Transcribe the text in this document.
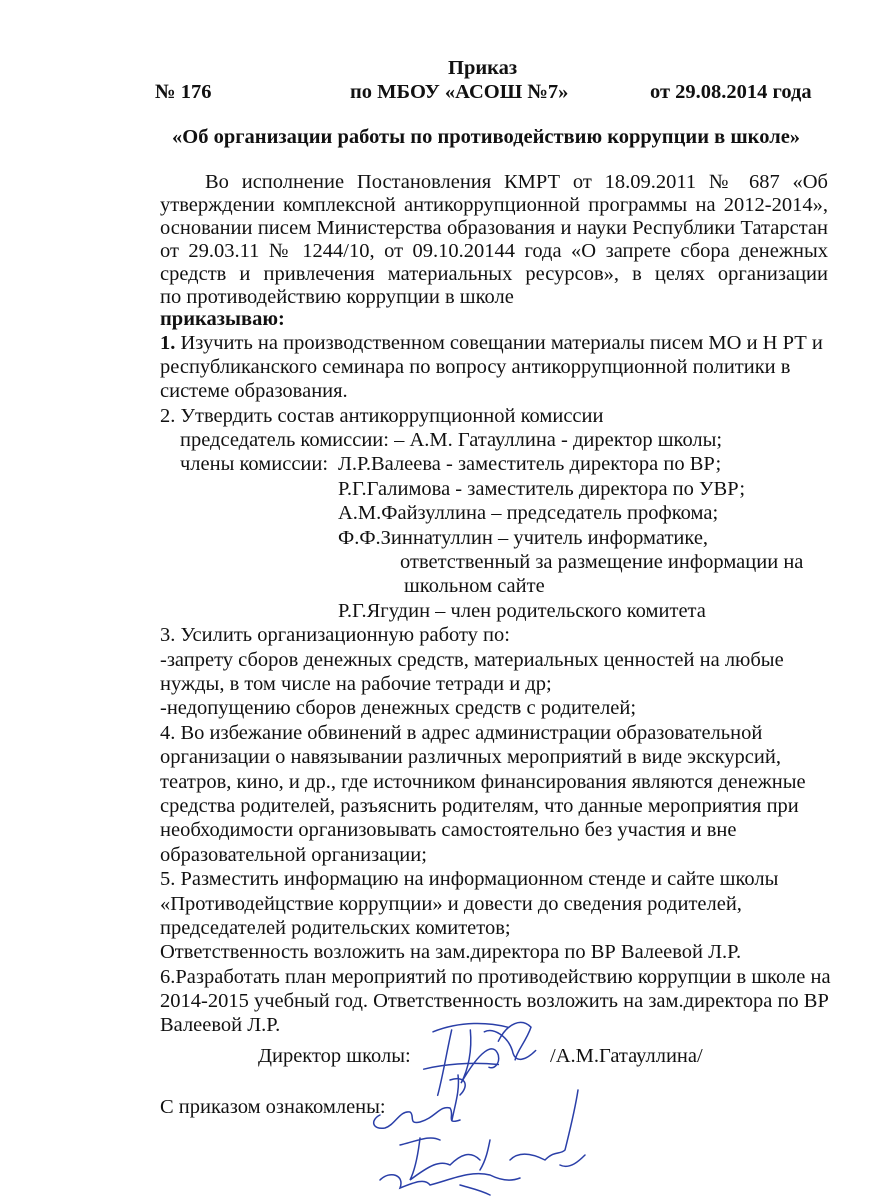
Приказ
№ 176	по МБОУ «АСОШ №7»	от 29.08.2014 года
«Об организации работы по противодействию коррупции в школе»
Во исполнение Постановления КМРТ от 18.09.2011 № 687 «Об
утверждении комплексной антикоррупционной программы на 2012-2014»,
основании писем Министерства образования и науки Республики Татарстан
от 29.03.11 № 1244/10, от 09.10.20144 года «О запрете сбора денежных
средств и привлечения материальных ресурсов», в целях организации
по противодействию коррупции в школе
приказываю:
1. Изучить на производственном совещании материалы писем МО и Н РТ и
республиканского семинара по вопросу антикоррупционной политики в
системе образования.
2. Утвердить состав антикоррупционной комиссии
председатель комиссии: – А.М. Гатауллина - директор школы;
члены комиссии: Л.Р.Валеева - заместитель директора по ВР;
Р.Г.Галимова - заместитель директора по УВР;
А.М.Файзуллина – председатель профкома;
Ф.Ф.Зиннатуллин – учитель информатике,
ответственный за размещение информации на
школьном сайте
Р.Г.Ягудин – член родительского комитета
3. Усилить организационную работу по:
-запрету сборов денежных средств, материальных ценностей на любые
нужды, в том числе на рабочие тетради и др;
-недопущению сборов денежных средств с родителей;
4. Во избежание обвинений в адрес администрации образовательной
организации о навязывании различных мероприятий в виде экскурсий,
театров, кино, и др., где источником финансирования являются денежные
средства родителей, разъяснить родителям, что данные мероприятия при
необходимости организовывать самостоятельно без участия и вне
образовательной организации;
5. Разместить информацию на информационном стенде и сайте школы
«Противодейцствие коррупции» и довести до сведения родителей,
председателей родительских комитетов;
Ответственность возложить на зам.директора по ВР Валеевой Л.Р.
6.Разработать план мероприятий по противодействию коррупции в школе на
2014-2015 учебный год. Ответственность возложить на зам.директора по ВР
Валеевой Л.Р.
Директор школы:	/А.М.Гатауллина/
С приказом ознакомлены:
